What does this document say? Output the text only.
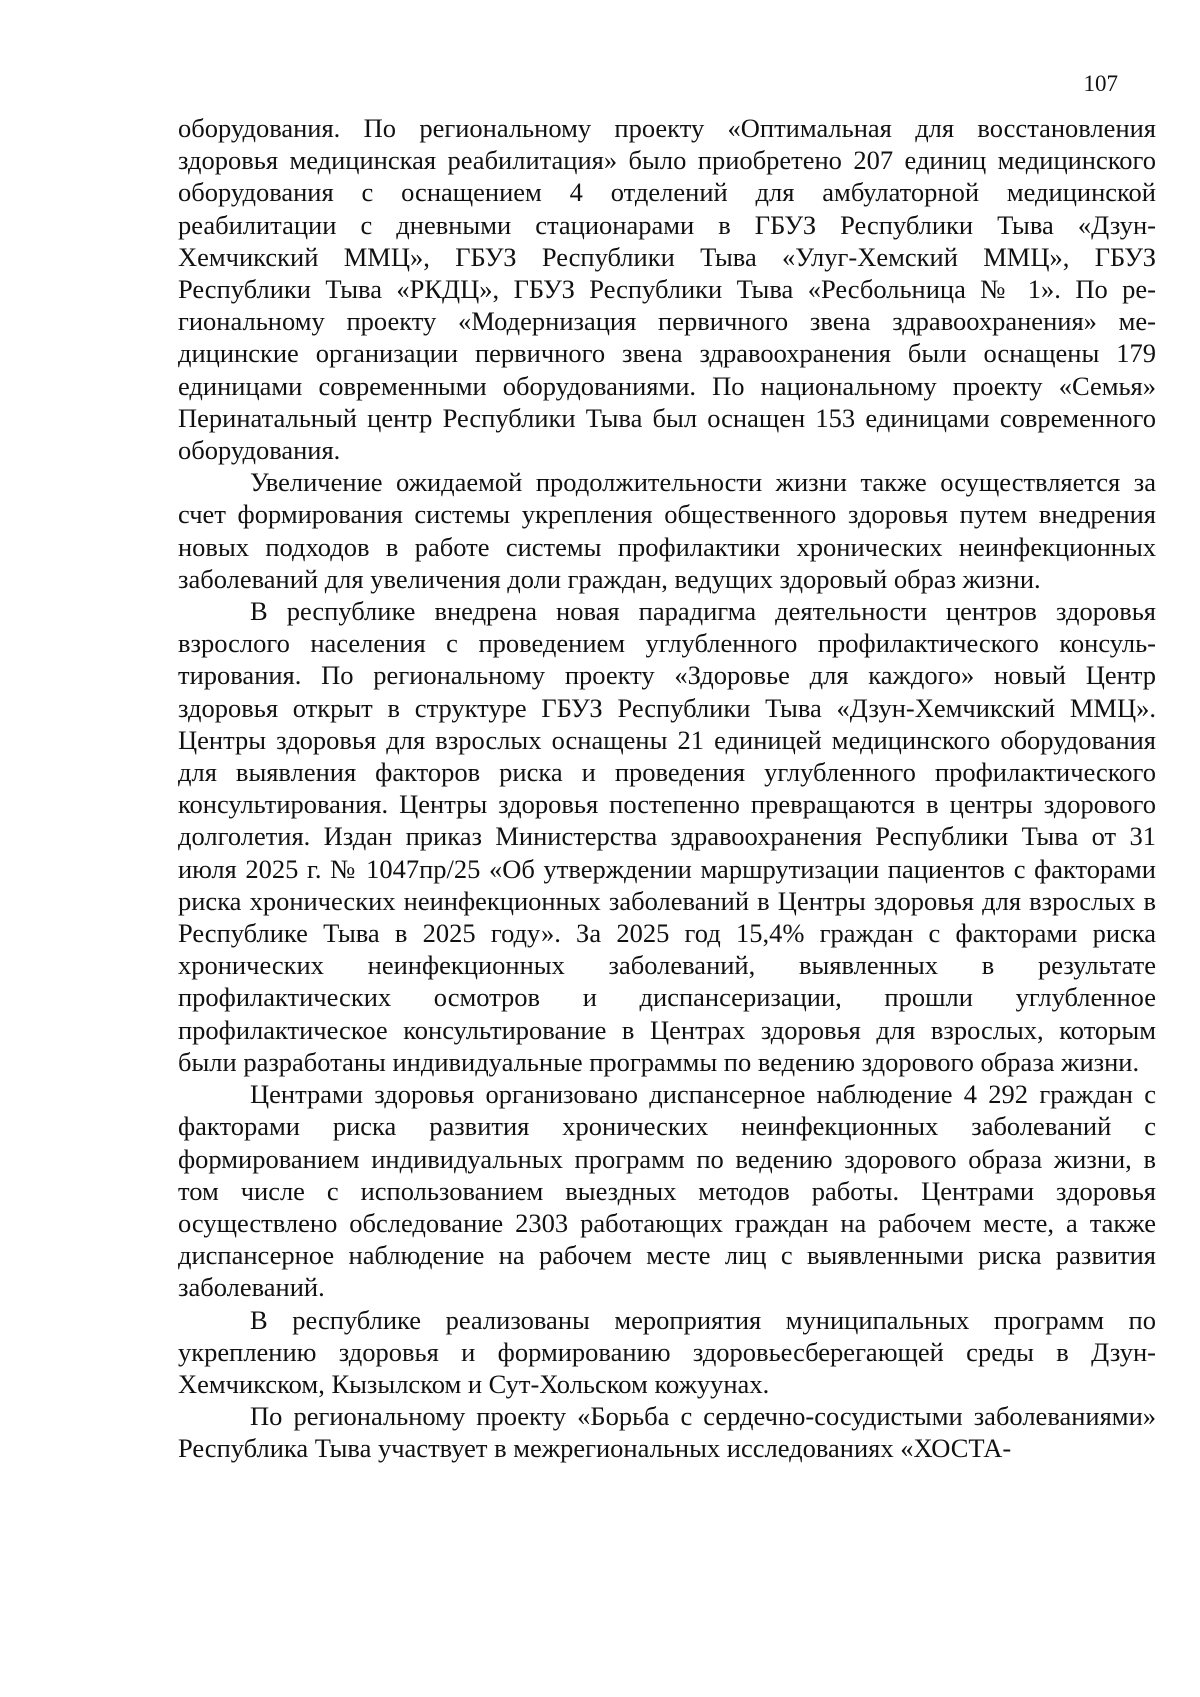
107

оборудования. По региональному проекту «Оптимальная для восстановления здоровья медицинская реабилитация» было приобретено 207 единиц медицинского оборудования с оснащением 4 отделений для амбулаторной медицинской реабилитации с дневными стационарами в ГБУЗ Республики Тыва «Дзун-Хемчикский ММЦ», ГБУЗ Республики Тыва «Улуг-Хемский ММЦ», ГБУЗ Республики Тыва «РКДЦ», ГБУЗ Республики Тыва «Ресбольница № 1». По региональному проекту «Модернизация первичного звена здравоохранения» медицинские организации первичного звена здравоохранения были оснащены 179 единицами современными оборудованиями. По национальному проекту «Семья» Перинатальный центр Республики Тыва был оснащен 153 единицами современного оборудования.

Увеличение ожидаемой продолжительности жизни также осуществляется за счет формирования системы укрепления общественного здоровья путем внедрения новых подходов в работе системы профилактики хронических неинфекционных заболеваний для увеличения доли граждан, ведущих здоровый образ жизни.

В республике внедрена новая парадигма деятельности центров здоровья взрослого населения с проведением углубленного профилактического консультирования. По региональному проекту «Здоровье для каждого» новый Центр здоровья открыт в структуре ГБУЗ Республики Тыва «Дзун-Хемчикский ММЦ». Центры здоровья для взрослых оснащены 21 единицей медицинского оборудования для выявления факторов риска и проведения углубленного профилактического консультирования. Центры здоровья постепенно превращаются в центры здорового долголетия. Издан приказ Министерства здравоохранения Республики Тыва от 31 июля 2025 г. № 1047пр/25 «Об утверждении маршрутизации пациентов с факторами риска хронических неинфекционных заболеваний в Центры здоровья для взрослых в Республике Тыва в 2025 году». За 2025 год 15,4% граждан с факторами риска хронических неинфекционных заболеваний, выявленных в результате профилактических осмотров и диспансеризации, прошли углубленное профилактическое консультирование в Центрах здоровья для взрослых, которым были разработаны индивидуальные программы по ведению здорового образа жизни.

Центрами здоровья организовано диспансерное наблюдение 4 292 граждан с факторами риска развития хронических неинфекционных заболеваний с формированием индивидуальных программ по ведению здорового образа жизни, в том числе с использованием выездных методов работы. Центрами здоровья осуществлено обследование 2303 работающих граждан на рабочем месте, а также диспансерное наблюдение на рабочем месте лиц с выявленными риска развития заболеваний.

В республике реализованы мероприятия муниципальных программ по укреплению здоровья и формированию здоровьесберегающей среды в Дзун-Хемчикском, Кызылском и Сут-Хольском кожуунах.

По региональному проекту «Борьба с сердечно-сосудистыми заболеваниями» Республика Тыва участвует в межрегиональных исследованиях «ХОСТА-
